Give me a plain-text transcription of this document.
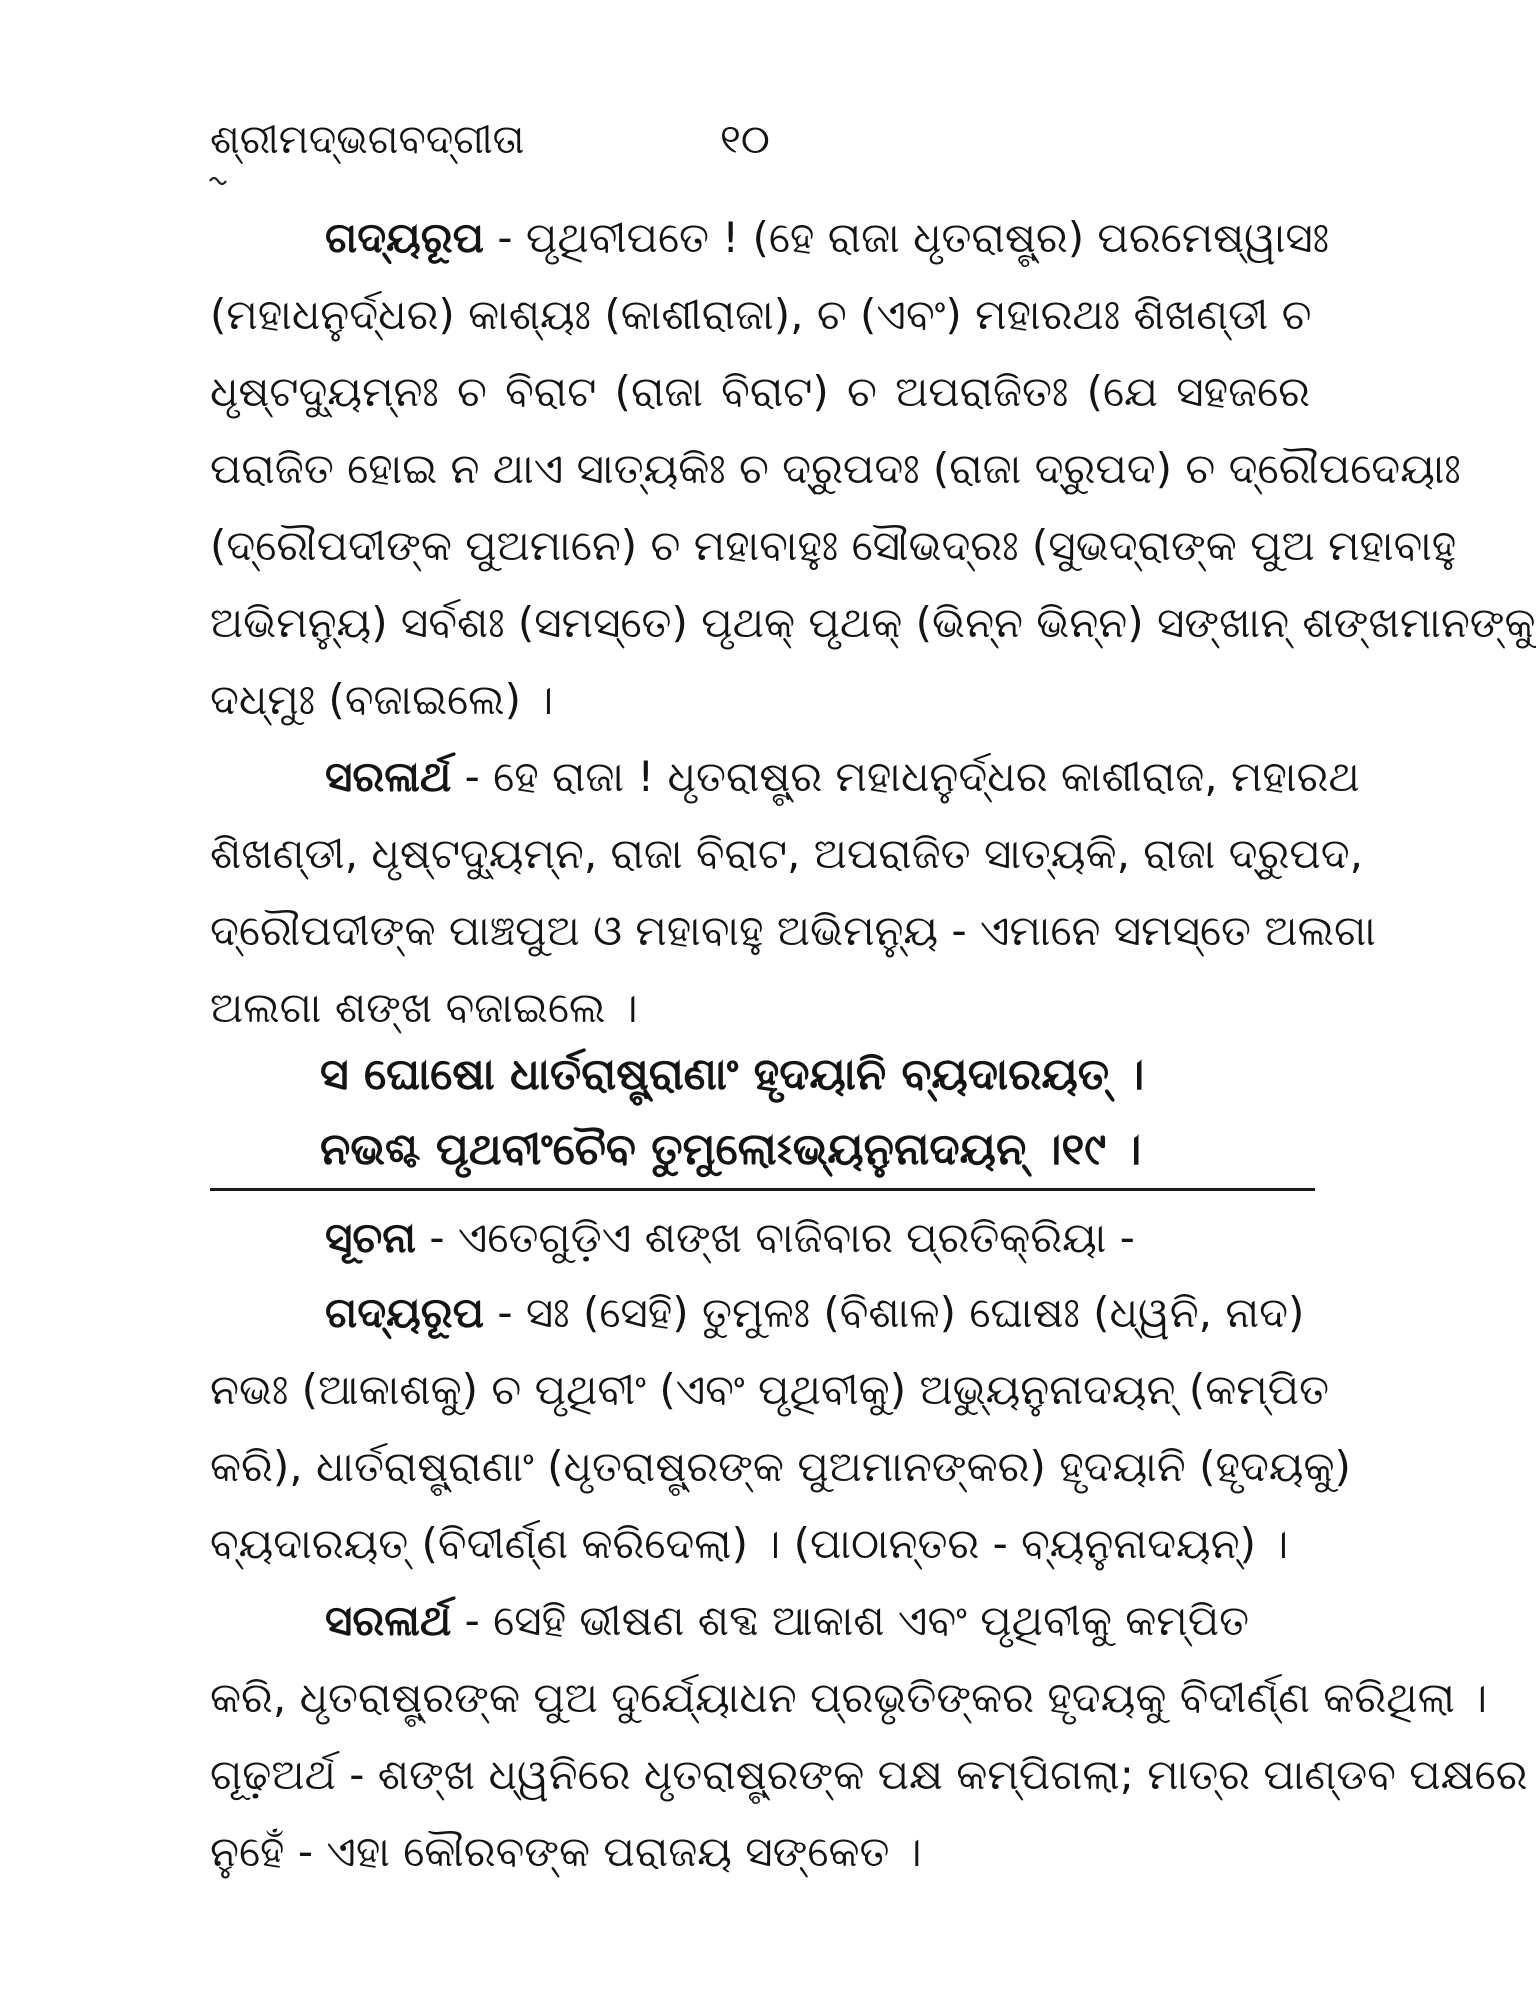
ଶ୍ରୀମଦ୍‌ଭଗବଦ୍‌ଗୀତା	୧୦
ଗଦ୍ୟରୂପ - ପୃଥିବୀପତେ ! (ହେ ରାଜା ଧୃତରାଷ୍ଟ୍ର) ପରମେଷ୍ୱାସଃ
(ମହାଧନୁର୍ଦ୍ଧର) କାଶ୍ୟଃ (କାଶୀରାଜା), ଚ (ଏବଂ) ମହାରଥଃ ଶିଖଣ୍ଡୀ ଚ
ଧୃଷ୍ଟଦ୍ୟୁମ୍ନଃ ଚ ବିରାଟ (ରାଜା ବିରାଟ) ଚ ଅପରାଜିତଃ (ଯେ ସହଜରେ
ପରାଜିତ ହୋଇ ନ ଥାଏ ସାତ୍ୟକିଃ ଚ ଦ୍ରୁପଦଃ (ରାଜା ଦ୍ରୁପଦ) ଚ ଦ୍ରୌପଦେୟାଃ
(ଦ୍ରୌପଦୀଙ୍କ ପୁଅମାନେ) ଚ ମହାବାହୁଃ ସୌଭଦ୍ରଃ (ସୁଭଦ୍ରାଙ୍କ ପୁଅ ମହାବାହୁ
ଅଭିମନ୍ୟୁ) ସର୍ବଶଃ (ସମସ୍ତେ) ପୃଥକ୍ ପୃଥକ୍ (ଭିନ୍ନ ଭିନ୍ନ) ସଙ୍ଖାନ୍ ଶଙ୍ଖମାନଙ୍କୁ
ଦଧ୍ମୁଃ (ବଜାଇଲେ) ।
ସରଳାର୍ଥ - ହେ ରାଜା ! ଧୃତରାଷ୍ଟ୍ର ମହାଧନୁର୍ଦ୍ଧର କାଶୀରାଜ, ମହାରଥ
ଶିଖଣ୍ଡୀ, ଧୃଷ୍ଟଦ୍ୟୁମ୍ନ, ରାଜା ବିରାଟ, ଅପରାଜିତ ସାତ୍ୟକି, ରାଜା ଦ୍ରୁପଦ,
ଦ୍ରୌପଦୀଙ୍କ ପାଞ୍ଚପୁଅ ଓ ମହାବାହୁ ଅଭିମନ୍ୟୁ - ଏମାନେ ସମସ୍ତେ ଅଲଗା
ଅଲଗା ଶଙ୍ଖ ବଜାଇଲେ ।
ସ ଘୋଷୋ ଧାର୍ତରାଷ୍ଟ୍ରାଣାଂ ହୃଦୟାନି ବ୍ୟଦାରୟତ୍ ।
ନଭଶ୍ଚ ପୃଥବୀଂଚୈବ ତୁମୁଲୋଽଭ୍ୟନୁନାଦୟନ୍ ।୧୯ ।
ସୂଚନା - ଏତେଗୁଡ଼ିଏ ଶଙ୍ଖ ବାଜିବାର ପ୍ରତିକ୍ରିୟା -
ଗଦ୍ୟରୂପ - ସଃ (ସେହି) ତୁମୁଳଃ (ବିଶାଳ) ଘୋଷଃ (ଧ୍ୱନି, ନାଦ)
ନଭଃ (ଆକାଶକୁ) ଚ ପୃଥିବୀଂ (ଏବଂ ପୃଥିବୀକୁ) ଅଭ୍ୟୁନୁନାଦୟନ୍ (କମ୍ପିତ
କରି), ଧାର୍ତରାଷ୍ଟ୍ରାଣାଂ (ଧୃତରାଷ୍ଟ୍ରଙ୍କ ପୁଅମାନଙ୍କର) ହୃଦୟାନି (ହୃଦୟକୁ)
ବ୍ୟଦାରୟତ୍ (ବିଦୀର୍ଣ୍ଣ କରିଦେଲା) । (ପାଠାନ୍ତର - ବ୍ୟନୁନାଦୟନ୍) ।
ସରଳାର୍ଥ - ସେହି ଭୀଷଣ ଶବ୍ଦ ଆକାଶ ଏବଂ ପୃଥିବୀକୁ କମ୍ପିତ
କରି, ଧୃତରାଷ୍ଟ୍ରଙ୍କ ପୁଅ ଦୁର୍ଯ୍ୟୋଧନ ପ୍ରଭୃତିଙ୍କର ହୃଦୟକୁ ବିଦୀର୍ଣ୍ଣ କରିଥିଲା ।
ଗୂଢ଼ଅର୍ଥ - ଶଙ୍ଖ ଧ୍ୱନିରେ ଧୃତରାଷ୍ଟ୍ରଙ୍କ ପକ୍ଷ କମ୍ପିଗଲା; ମାତ୍ର ପାଣ୍ଡବ ପକ୍ଷରେ
ନୁହେଁ - ଏହା କୌରବଙ୍କ ପରାଜୟ ସଙ୍କେତ ।
